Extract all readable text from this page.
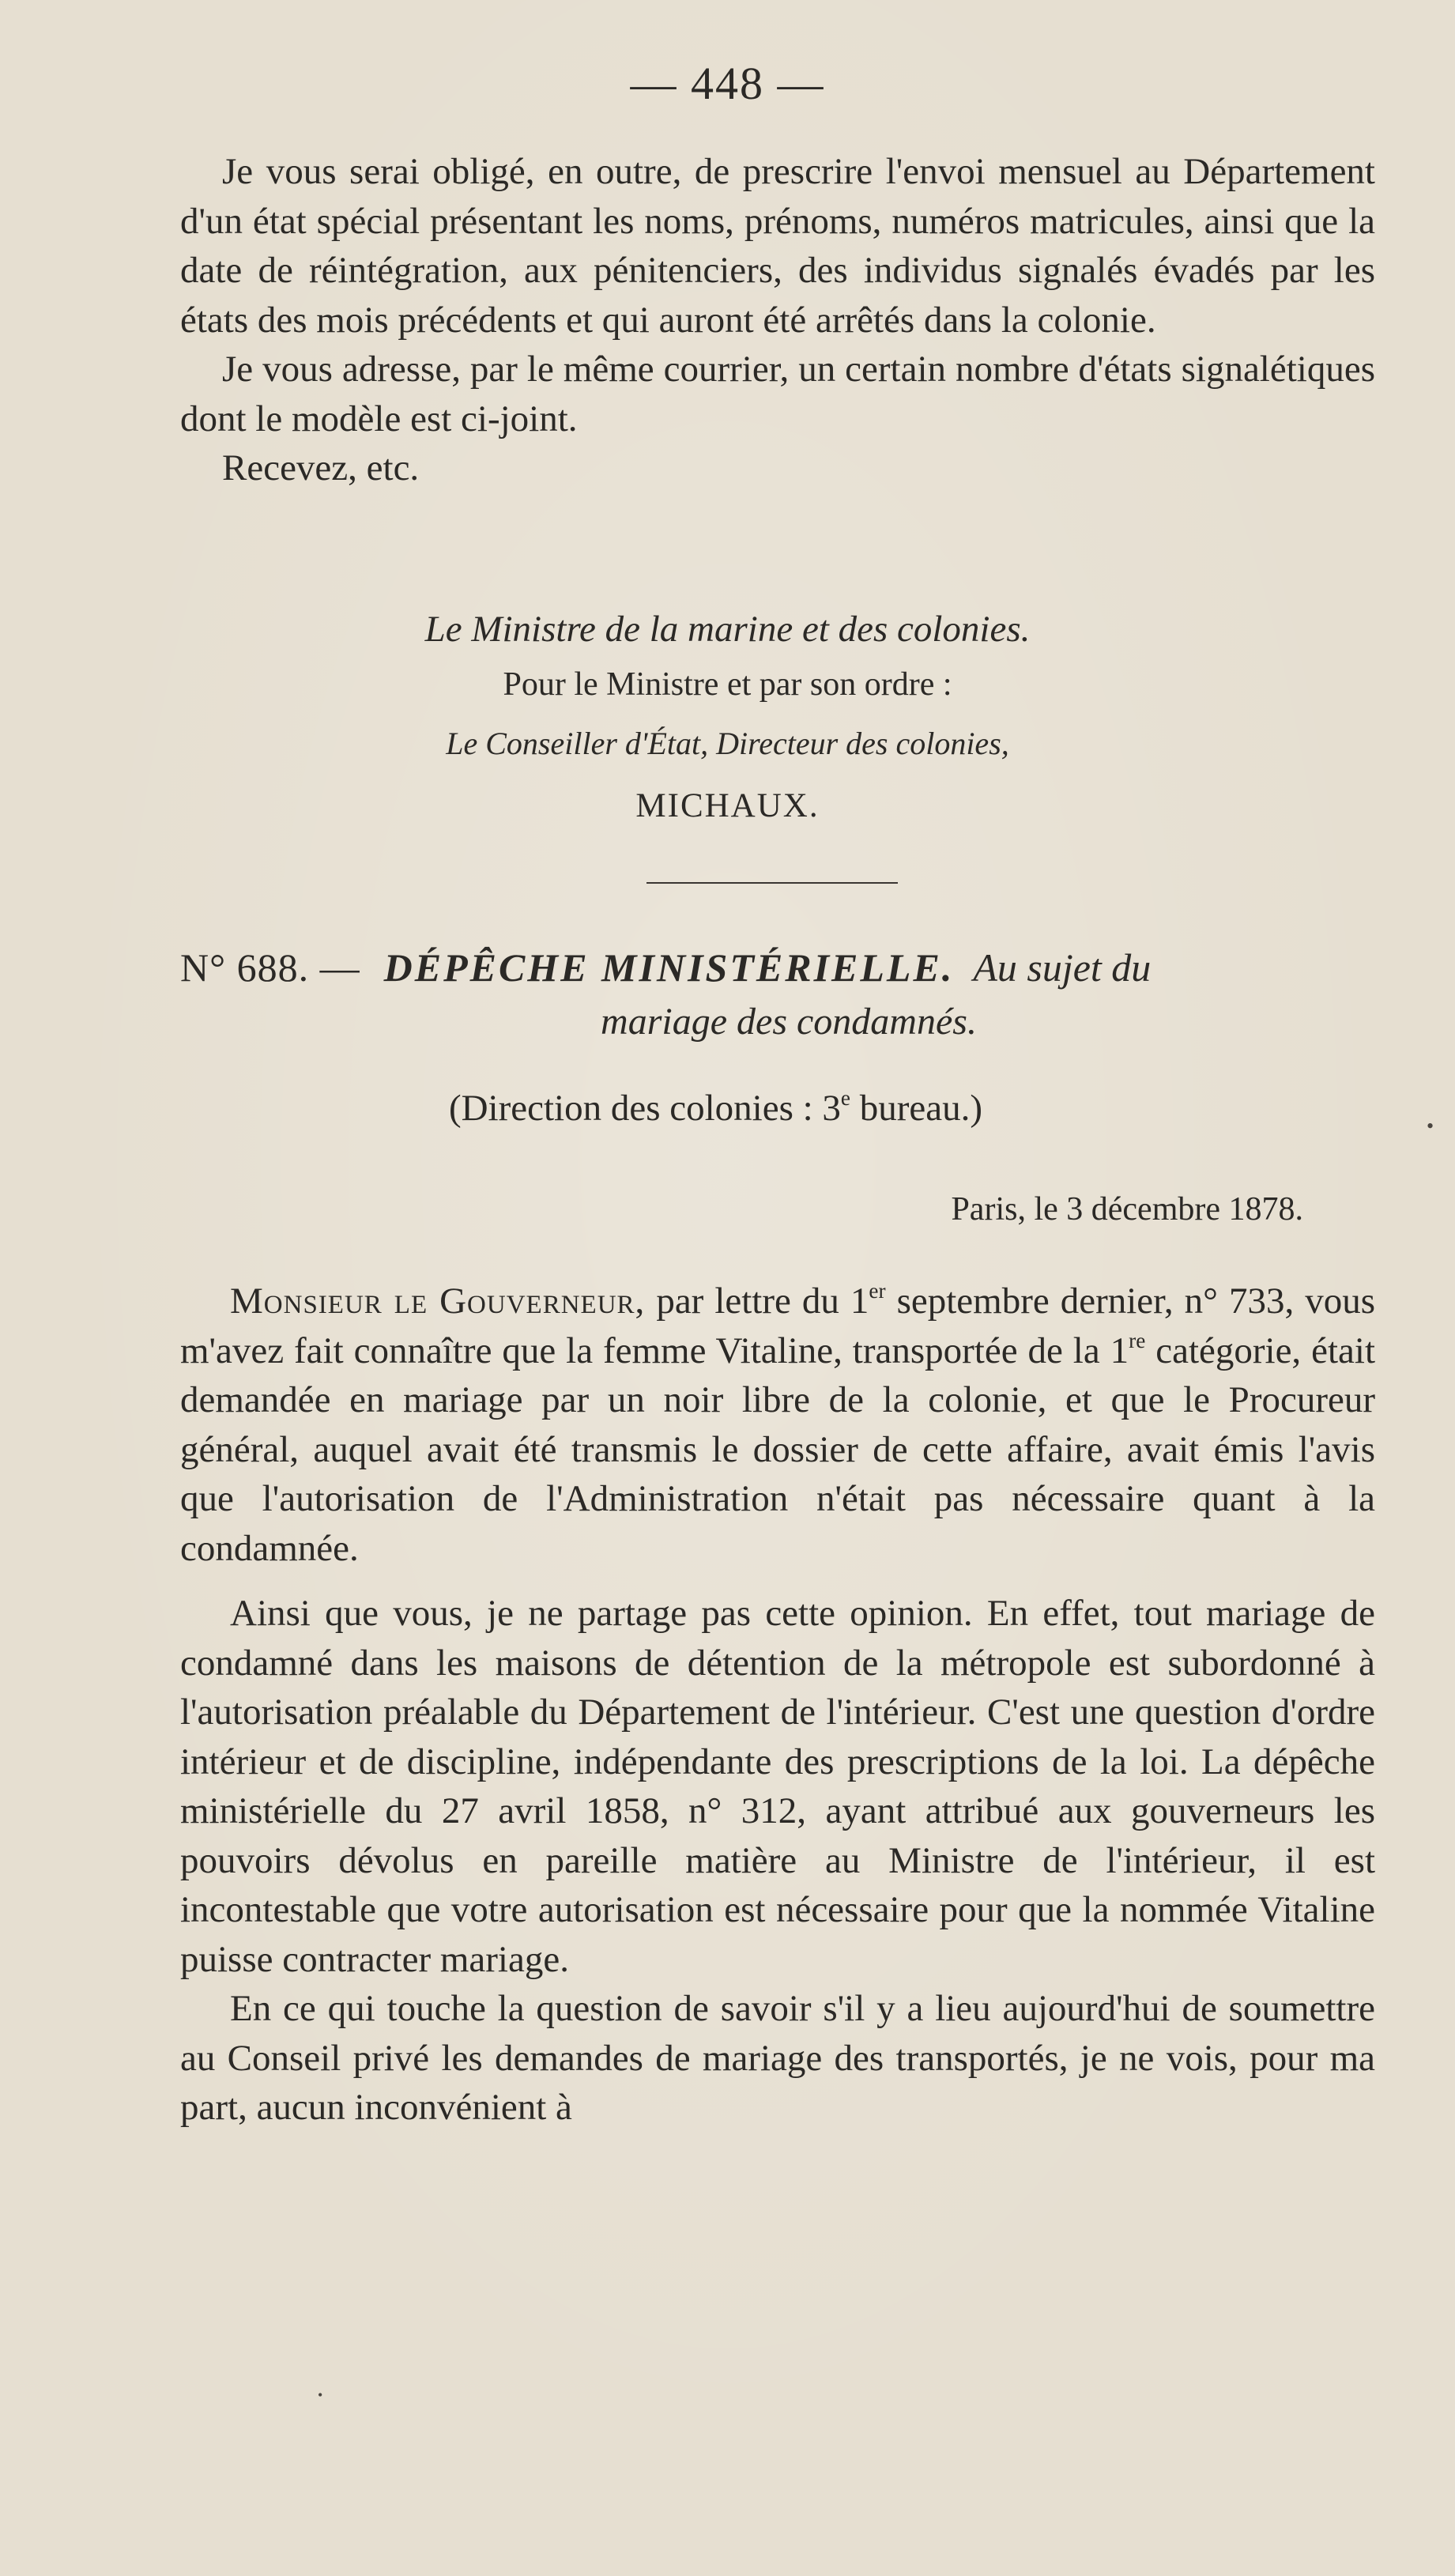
— 448 —

Je vous serai obligé, en outre, de prescrire l'envoi mensuel au Département d'un état spécial présentant les noms, prénoms, numéros matricules, ainsi que la date de réintégration, aux pénitenciers, des individus signalés évadés par les états des mois précédents et qui auront été arrêtés dans la colonie.

Je vous adresse, par le même courrier, un certain nombre d'états signalétiques dont le modèle est ci-joint.

Recevez, etc.

Le Ministre de la marine et des colonies.
Pour le Ministre et par son ordre :
Le Conseiller d'État, Directeur des colonies,
MICHAUX.
N° 688. — DÉPÊCHE MINISTÉRIELLE. Au sujet du
mariage des condamnés.
(Direction des colonies : 3e bureau.)
Paris, le 3 décembre 1878.

Monsieur le Gouverneur, par lettre du 1er septembre dernier, n° 733, vous m'avez fait connaître que la femme Vitaline, transportée de la 1re catégorie, était demandée en mariage par un noir libre de la colonie, et que le Procureur général, auquel avait été transmis le dossier de cette affaire, avait émis l'avis que l'autorisation de l'Administration n'était pas nécessaire quant à la condamnée.

Ainsi que vous, je ne partage pas cette opinion. En effet, tout mariage de condamné dans les maisons de détention de la métropole est subordonné à l'autorisation préalable du Département de l'intérieur. C'est une question d'ordre intérieur et de discipline, indépendante des prescriptions de la loi. La dépêche ministérielle du 27 avril 1858, n° 312, ayant attribué aux gouverneurs les pouvoirs dévolus en pareille matière au Ministre de l'intérieur, il est incontestable que votre autorisation est nécessaire pour que la nommée Vitaline puisse contracter mariage.

En ce qui touche la question de savoir s'il y a lieu aujourd'hui de soumettre au Conseil privé les demandes de mariage des transportés, je ne vois, pour ma part, aucun inconvénient à

•
•
